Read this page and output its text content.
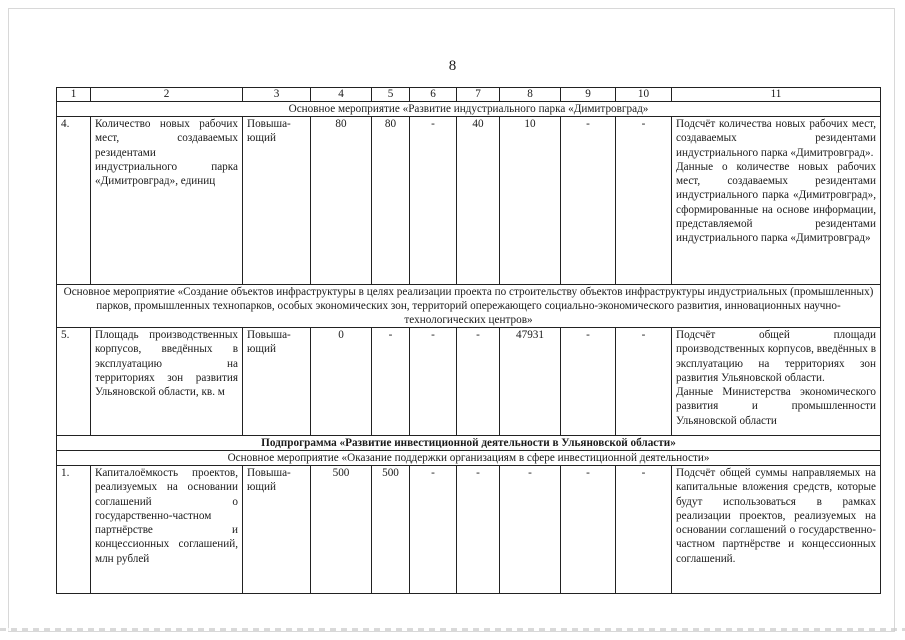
8
1	2	3	4	5	6	7	8	9	10	11
Основное мероприятие «Развитие индустриального парка «Димитровград»										
4.	Количество новых рабочих мест, создаваемых резидентами индустриального парка «Димитровград», единиц	Повыша-ющий	80	80	-	40	10	-	-	Подсчёт количества новых рабочих мест, создаваемых резидентами индустриального парка «Димитровград».
Данные о количестве новых рабочих мест, создаваемых резидентами индустриального парка «Димитровград», сформированные на основе информации, представляемой резидентами индустриального парка «Димитровград»

Основное мероприятие «Создание объектов инфраструктуры в целях реализации проекта по строительству объектов инфраструктуры индустриальных (промышленных) парков, промышленных технопарков, особых экономических зон, территорий опережающего социально-экономического развития, инновационных научно-технологических центров»										
5.	Площадь производственных корпусов, введённых в эксплуатацию на территориях зон развития Ульяновской области, кв. м	Повыша-ющий	0	-	-	-	47931	-	-	Подсчёт общей площади производственных корпусов, введённых в эксплуатацию на территориях зон развития Ульяновской области.
Данные Министерства экономического развития и промышленности Ульяновской области

Подпрограмма «Развитие инвестиционной деятельности в Ульяновской области»										
Основное мероприятие «Оказание поддержки организациям в сфере инвестиционной деятельности»										
1.	Капиталоёмкость проектов, реализуемых на основании соглашений о государственно-частном партнёрстве и концессионных соглашений, млн рублей	Повыша-ющий	500	500	-	-	-	-	-	Подсчёт общей суммы направляемых на капитальные вложения средств, которые будут использоваться в рамках реализации проектов, реализуемых на основании соглашений о государственно-частном партнёрстве и концессионных соглашений.
